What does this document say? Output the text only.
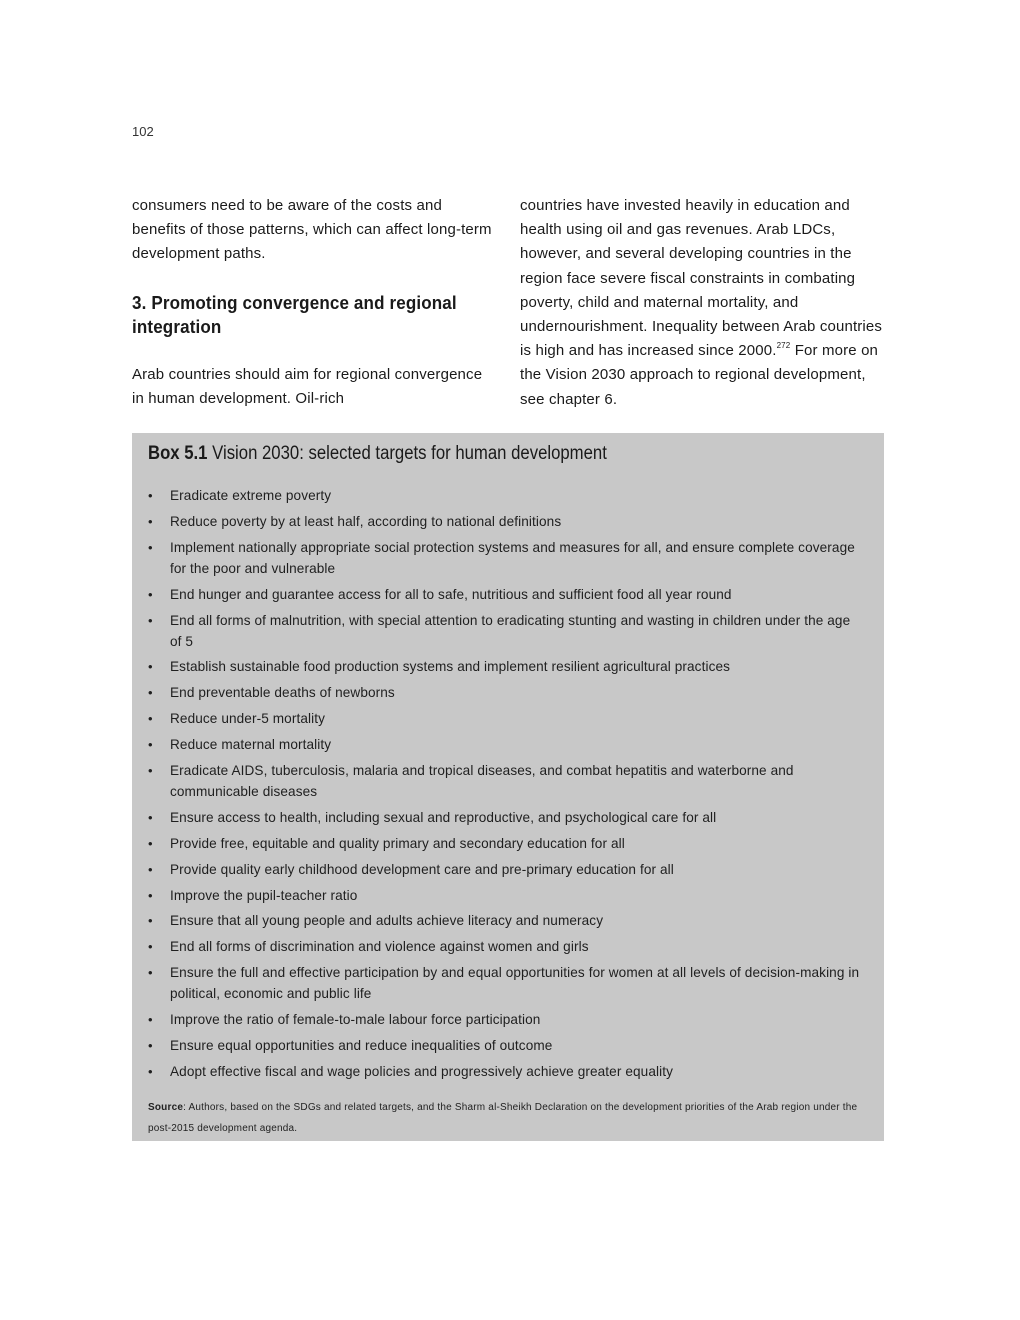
102

consumers need to be aware of the costs and benefits of those patterns, which can affect long-term development paths.

3. Promoting convergence and regional integration

Arab countries should aim for regional convergence in human development. Oil-rich

countries have invested heavily in education and health using oil and gas revenues. Arab LDCs, however, and several developing countries in the region face severe fiscal constraints in combating poverty, child and maternal mortality, and undernourishment. Inequality between Arab countries is high and has increased since 2000.$^{272}$ For more on the Vision 2030 approach to regional development, see chapter 6.

Box 5.1 Vision 2030: selected targets for human development
• Eradicate extreme poverty
• Reduce poverty by at least half, according to national definitions
• Implement nationally appropriate social protection systems and measures for all, and ensure complete coverage for the poor and vulnerable
• End hunger and guarantee access for all to safe, nutritious and sufficient food all year round
• End all forms of malnutrition, with special attention to eradicating stunting and wasting in children under the age of 5
• Establish sustainable food production systems and implement resilient agricultural practices
• End preventable deaths of newborns
• Reduce under-5 mortality
• Reduce maternal mortality
• Eradicate AIDS, tuberculosis, malaria and tropical diseases, and combat hepatitis and waterborne and communicable diseases
• Ensure access to health, including sexual and reproductive, and psychological care for all
• Provide free, equitable and quality primary and secondary education for all
• Provide quality early childhood development care and pre-primary education for all
• Improve the pupil-teacher ratio
• Ensure that all young people and adults achieve literacy and numeracy
• End all forms of discrimination and violence against women and girls
• Ensure the full and effective participation by and equal opportunities for women at all levels of decision-making in political, economic and public life
• Improve the ratio of female-to-male labour force participation
• Ensure equal opportunities and reduce inequalities of outcome
• Adopt effective fiscal and wage policies and progressively achieve greater equality
Source: Authors, based on the SDGs and related targets, and the Sharm al-Sheikh Declaration on the development priorities of the Arab region under the post-2015 development agenda.
